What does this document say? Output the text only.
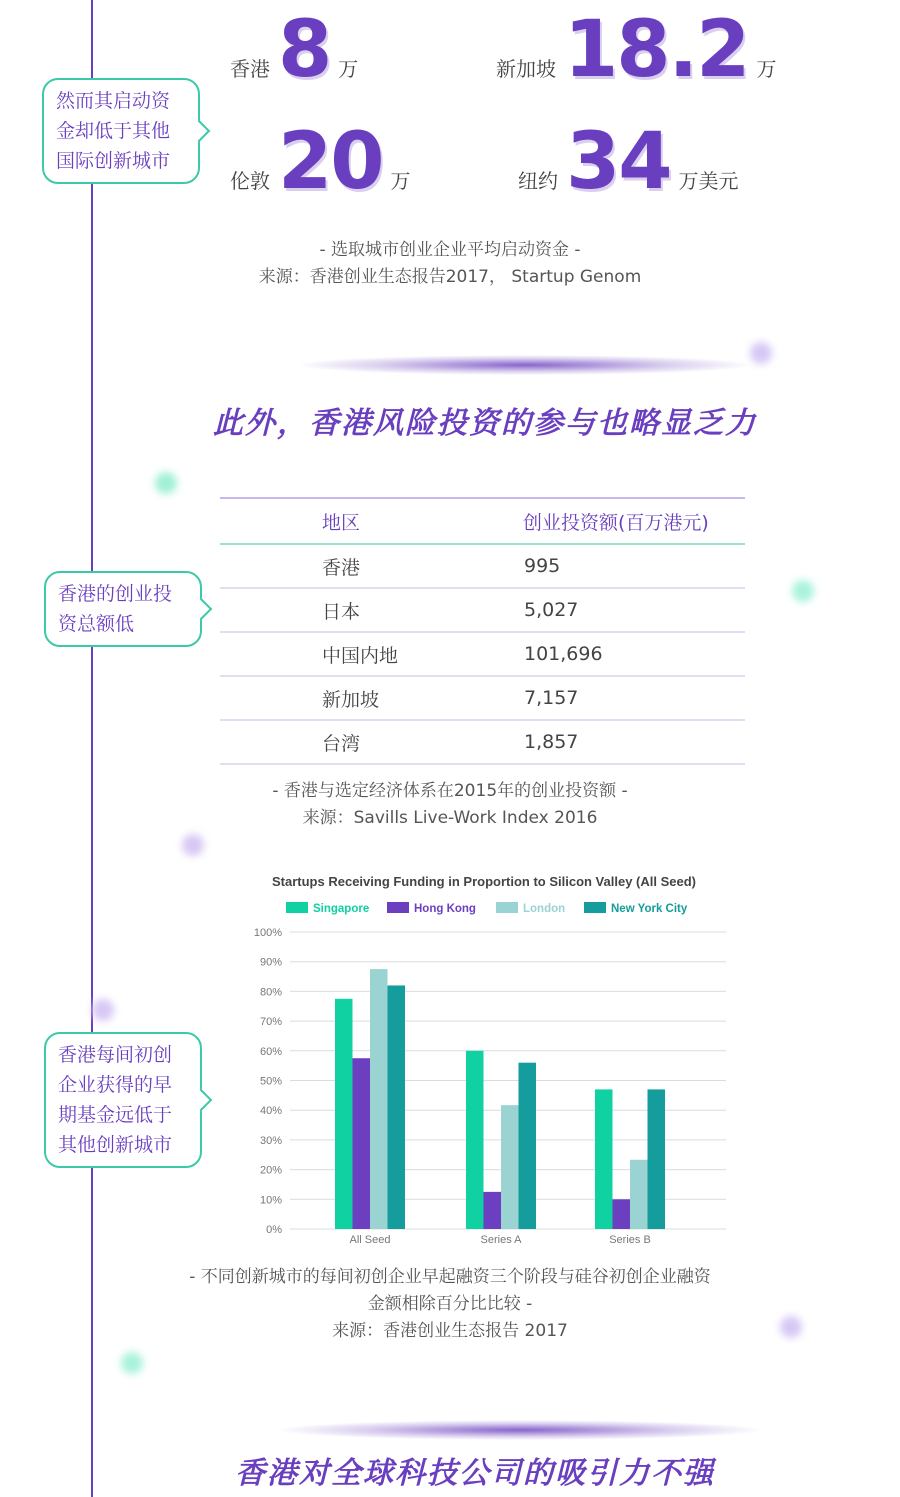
香港 8 万	新加坡 18.2 万
伦敦 20 万	纽约 34 万美元
然而其启动资金却低于其他国际创新城市
香港的创业投资总额低
香港每间初创企业获得的早期基金远低于其他创新城市
- 选取城市创业企业平均启动资金 -
来源：香港创业生态报告2017， Startup Genom
此外，香港风险投资的参与也略显乏力
地区	创业投资额(百万港元)
香港	995
日本	5,027
中国内地	101,696
新加坡	7,157
台湾	1,857
- 香港与选定经济体系在2015年的创业投资额 -
来源：Savills Live-Work Index 2016
Startups Receiving Funding in Proportion to Silicon Valley (All Seed)
Singapore	Hong Kong	London	New York City
0%
10%
20%
30%
40%
50%
60%
70%
80%
90%
100%
All Seed	Series A	Series B
- 不同创新城市的每间初创企业早起融资三个阶段与硅谷初创企业融资
金额相除百分比比较 -
来源：香港创业生态报告 2017
香港对全球科技公司的吸引力不强
